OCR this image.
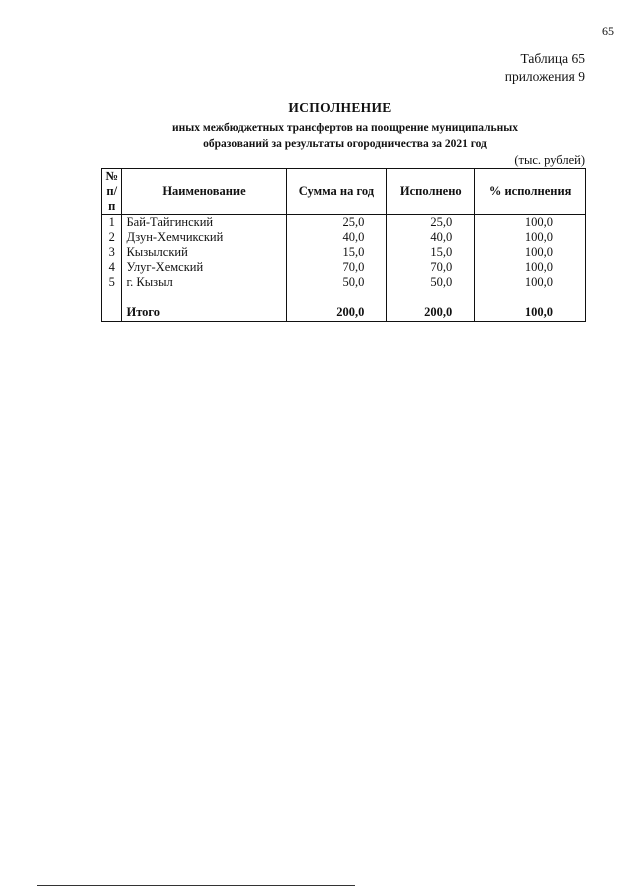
65
Таблица 65
приложения 9
ИСПОЛНЕНИЕ
иных межбюджетных трансфертов на поощрение муниципальных
образований за результаты огородничества за 2021 год
(тыс. рублей)
№
п/п	Наименование	Сумма на год	Исполнено	% исполнения
1	Бай-Тайгинский	25,0	25,0	100,0
2	Дзун-Хемчикский	40,0	40,0	100,0
3	Кызылский	15,0	15,0	100,0
4	Улуг-Хемский	70,0	70,0	100,0
5	г. Кызыл	50,0	50,0	100,0
	Итого	200,0	200,0	100,0
